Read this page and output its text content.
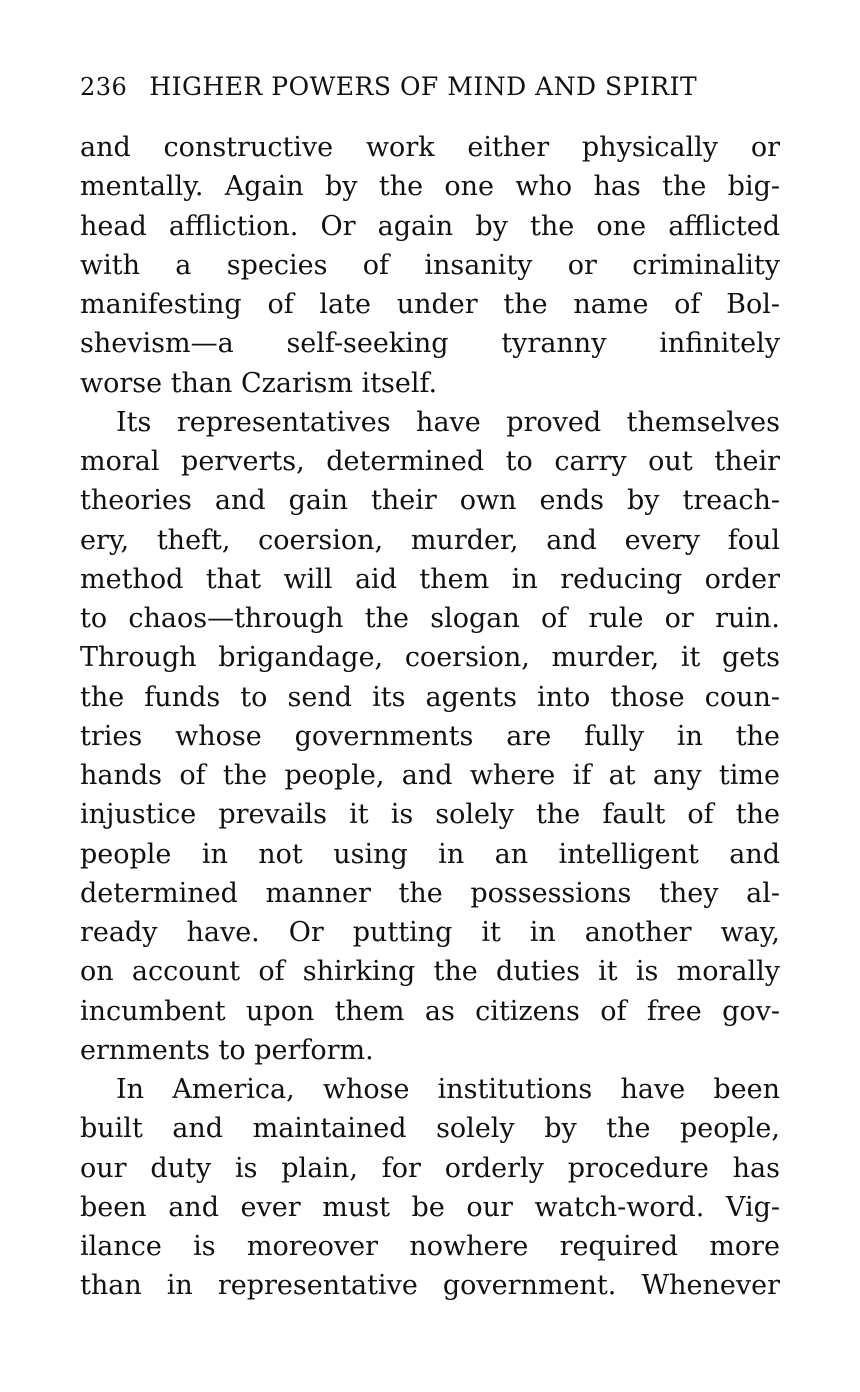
236 HIGHER POWERS OF MIND AND SPIRIT
and constructive work either physically or
mentally. Again by the one who has the big-
head affliction. Or again by the one afflicted
with a species of insanity or criminality
manifesting of late under the name of Bol-
shevism—a self-seeking tyranny infinitely
worse than Czarism itself.
Its representatives have proved themselves
moral perverts, determined to carry out their
theories and gain their own ends by treach-
ery, theft, coersion, murder, and every foul
method that will aid them in reducing order
to chaos—through the slogan of rule or ruin.
Through brigandage, coersion, murder, it gets
the funds to send its agents into those coun-
tries whose governments are fully in the
hands of the people, and where if at any time
injustice prevails it is solely the fault of the
people in not using in an intelligent and
determined manner the possessions they al-
ready have. Or putting it in another way,
on account of shirking the duties it is morally
incumbent upon them as citizens of free gov-
ernments to perform.
In America, whose institutions have been
built and maintained solely by the people,
our duty is plain, for orderly procedure has
been and ever must be our watch-word. Vig-
ilance is moreover nowhere required more
than in representative government. Whenever
